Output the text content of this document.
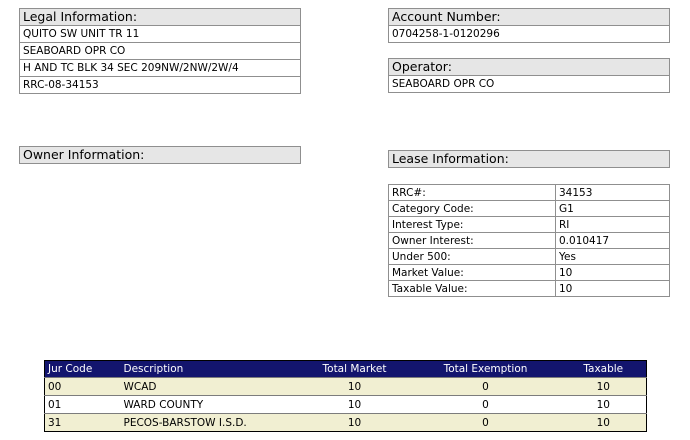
Legal Information:
QUITO SW UNIT TR 11
SEABOARD OPR CO
H AND TC BLK 34 SEC 209NW/2NW/2W/4
RRC-08-34153
Account Number:
0704258-1-0120296
Operator:
SEABOARD OPR CO
Owner Information:	Lease Information:
RRC#:	34153
Category Code:	G1
Interest Type:	RI
Owner Interest:	0.010417
Under 500:	Yes
Market Value:	10
Taxable Value:	10
Jur Code	Description	Total Market	Total Exemption	Taxable
00	WCAD	10	0	10
01	WARD COUNTY	10	0	10
31	PECOS-BARSTOW I.S.D.	10	0	10
